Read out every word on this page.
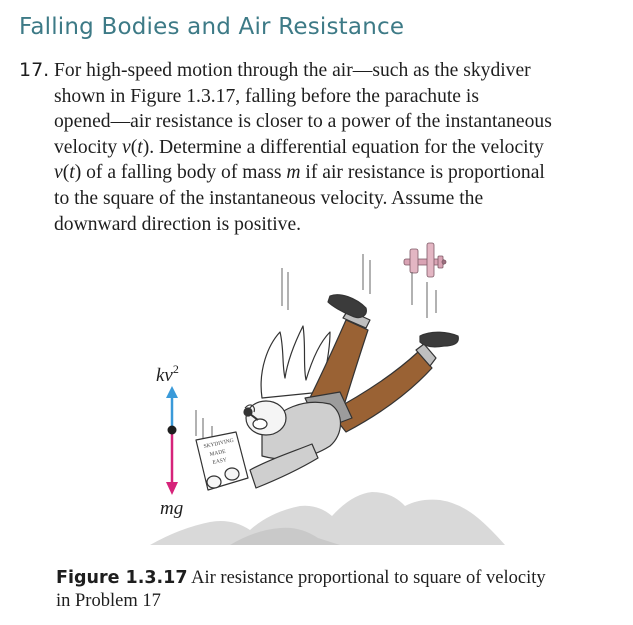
Falling Bodies and Air Resistance
17. For high-speed motion through the air—such as the skydiver
shown in Figure 1.3.17, falling before the parachute is
opened—air resistance is closer to a power of the instantaneous
velocity v(t). Determine a differential equation for the velocity
v(t) of a falling body of mass m if air resistance is proportional
to the square of the instantaneous velocity. Assume the
downward direction is positive.
SKYDIVING
MADE
EASY
$kv^2$
mg
Figure 1.3.17 Air resistance proportional to square of velocity
in Problem 17
